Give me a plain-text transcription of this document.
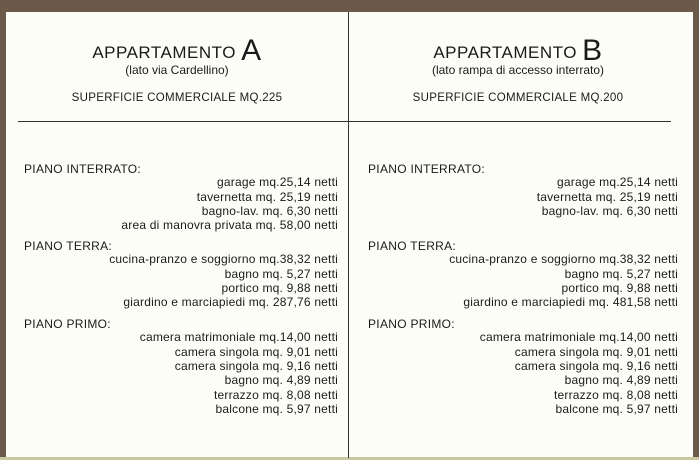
APPARTAMENTO A
(lato via Cardellino)
SUPERFICIE COMMERCIALE MQ.225
PIANO INTERRATO:
garage mq.25,14 netti
tavernetta mq. 25,19 netti
bagno-lav. mq. 6,30 netti
area di manovra privata mq. 58,00 netti
PIANO TERRA:
cucina-pranzo e soggiorno mq.38,32 netti
bagno mq. 5,27 netti
portico mq. 9,88 netti
giardino e marciapiedi mq. 287,76 netti
PIANO PRIMO:
camera matrimoniale mq.14,00 netti
camera singola mq. 9,01 netti
camera singola mq. 9,16 netti
bagno mq. 4,89 netti
terrazzo mq. 8,08 netti
balcone mq. 5,97 netti
APPARTAMENTO B
(lato rampa di accesso interrato)
SUPERFICIE COMMERCIALE MQ.200
PIANO INTERRATO:
garage mq.25,14 netti
tavernetta mq. 25,19 netti
bagno-lav. mq. 6,30 netti
PIANO TERRA:
cucina-pranzo e soggiorno mq.38,32 netti
bagno mq. 5,27 netti
portico mq. 9,88 netti
giardino e marciapiedi mq. 481,58 netti
PIANO PRIMO:
camera matrimoniale mq.14,00 netti
camera singola mq. 9,01 netti
camera singola mq. 9,16 netti
bagno mq. 4,89 netti
terrazzo mq. 8,08 netti
balcone mq. 5,97 netti
